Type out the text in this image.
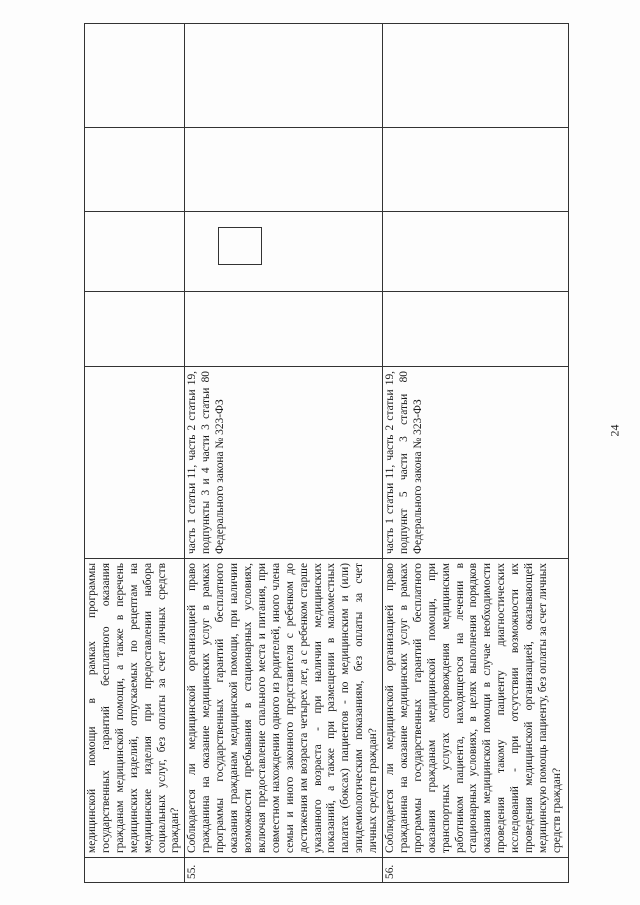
	медицинской помощи в рамках программы государственных гарантий бесплатного оказания гражданам медицинской помощи, а также в перечень медицинских изделий, отпускаемых по рецептам на медицинские изделия при предоставлении набора социальных услуг, без оплаты за счет личных средств граждан?					
55.	Соблюдается ли медицинской организацией право гражданина на оказание медицинских услуг в рамках программы государственных гарантий бесплатного оказания гражданам медицинской помощи, при наличии возможности пребывания в стационарных условиях, включая предоставление спального места и питания, при совместном нахождении одного из родителей, иного члена семьи и иного законного представителя с ребенком до достижения им возраста четырех лет, а с ребенком старше указанного возраста - при наличии медицинских показаний, а также при размещении в маломестных палатах (боксах) пациентов - по медицинским и (или) эпидемиологическим показаниям, без оплаты за счет личных средств граждан?	часть 1 статьи 11, часть 2 статьи 19, подпункты 3 и 4 части 3 статьи 80 Федерального закона № 323-ФЗ				
56.	Соблюдается ли медицинской организацией право гражданина на оказание медицинских услуг в рамках программы государственных гарантий бесплатного оказания гражданам медицинской помощи, при транспортных услугах сопровождения медицинским работником пациента, находящегося на лечении в стационарных условиях, в целях выполнения порядков оказания медицинской помощи в случае необходимости проведения такому пациенту диагностических исследований - при отсутствии возможности их проведения медицинской организацией, оказывающей медицинскую помощь пациенту, без оплаты за счет личных средств граждан?	часть 1 статьи 11, часть 2 статьи 19, подпункт 5 части 3 статьи 80 Федерального закона № 323-ФЗ					24
